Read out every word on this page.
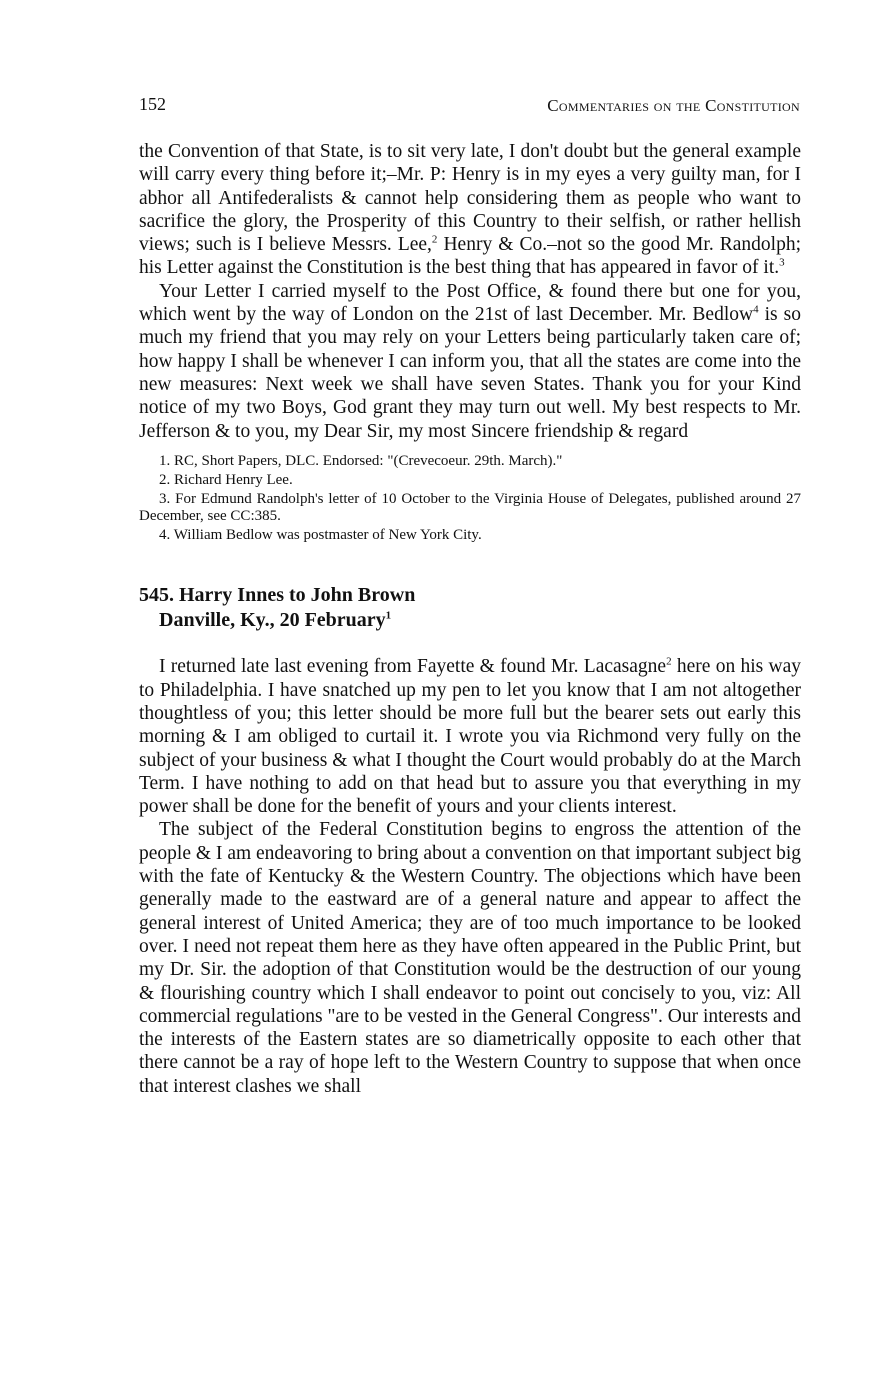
152	Commentaries on the Constitution

the Convention of that State, is to sit very late, I don't doubt but the general example will carry every thing before it;–Mr. P: Henry is in my eyes a very guilty man, for I abhor all Antifederalists & cannot help considering them as people who want to sacrifice the glory, the Prosperity of this Country to their selfish, or rather hellish views; such is I believe Messrs. Lee,$^2$ Henry & Co.–not so the good Mr. Randolph; his Letter against the Constitution is the best thing that has appeared in favor of it.$^3$

Your Letter I carried myself to the Post Office, & found there but one for you, which went by the way of London on the 21st of last December. Mr. Bedlow$^4$ is so much my friend that you may rely on your Letters being particularly taken care of; how happy I shall be whenever I can inform you, that all the states are come into the new measures: Next week we shall have seven States. Thank you for your Kind notice of my two Boys, God grant they may turn out well. My best respects to Mr. Jefferson & to you, my Dear Sir, my most Sincere friendship & regard

1. RC, Short Papers, DLC. Endorsed: "(Crevecoeur. 29th. March)."

2. Richard Henry Lee.

3. For Edmund Randolph's letter of 10 October to the Virginia House of Delegates, published around 27 December, see CC:385.

4. William Bedlow was postmaster of New York City.

545. Harry Innes to John Brown
Danville, Ky., 20 February$^1$

I returned late last evening from Fayette & found Mr. Lacasagne$^2$ here on his way to Philadelphia. I have snatched up my pen to let you know that I am not altogether thoughtless of you; this letter should be more full but the bearer sets out early this morning & I am obliged to curtail it. I wrote you via Richmond very fully on the subject of your business & what I thought the Court would probably do at the March Term. I have nothing to add on that head but to assure you that everything in my power shall be done for the benefit of yours and your clients interest.

The subject of the Federal Constitution begins to engross the attention of the people & I am endeavoring to bring about a convention on that important subject big with the fate of Kentucky & the Western Country. The objections which have been generally made to the eastward are of a general nature and appear to affect the general interest of United America; they are of too much importance to be looked over. I need not repeat them here as they have often appeared in the Public Print, but my Dr. Sir. the adoption of that Constitution would be the destruction of our young & flourishing country which I shall endeavor to point out concisely to you, viz: All commercial regulations "are to be vested in the General Congress". Our interests and the interests of the Eastern states are so diametrically opposite to each other that there cannot be a ray of hope left to the Western Country to suppose that when once that interest clashes we shall
